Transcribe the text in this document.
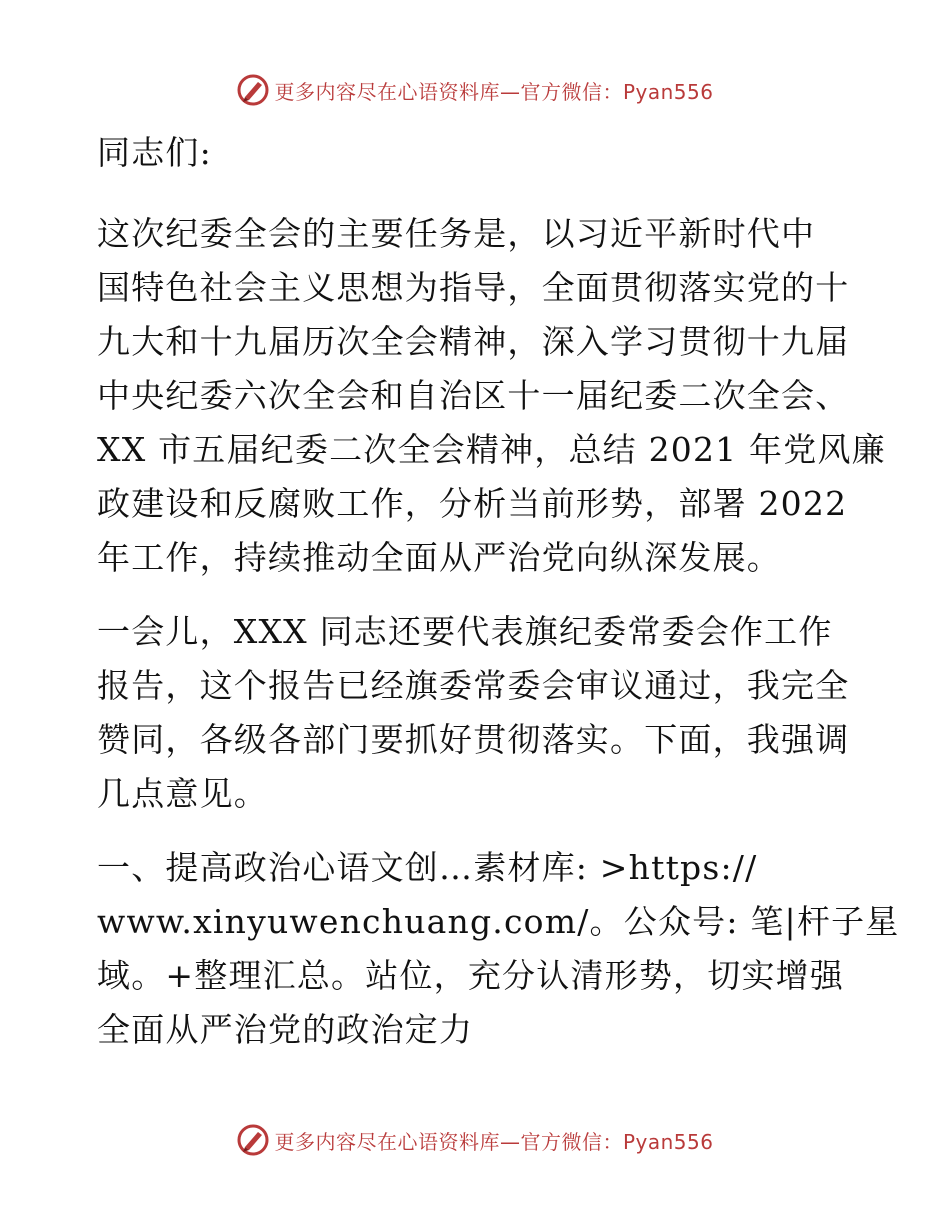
更多内容尽在心语资料库—官方微信：Pyan556
同志们:
这次纪委全会的主要任务是，以习近平新时代中
国特色社会主义思想为指导，全面贯彻落实党的十
九大和十九届历次全会精神，深入学习贯彻十九届
中央纪委六次全会和自治区十一届纪委二次全会、
XX 市五届纪委二次全会精神，总结 2021 年党风廉
政建设和反腐败工作，分析当前形势，部署 2022
年工作，持续推动全面从严治党向纵深发展。
一会儿，XXX 同志还要代表旗纪委常委会作工作
报告，这个报告已经旗委常委会审议通过，我完全
赞同，各级各部门要抓好贯彻落实。下面，我强调
几点意见。
一、提高政治心语文创…素材库: >https://
www.xinyuwenchuang.com/。公众号: 笔|杆子星
域。+整理汇总。站位，充分认清形势，切实增强
全面从严治党的政治定力
更多内容尽在心语资料库—官方微信：Pyan556
